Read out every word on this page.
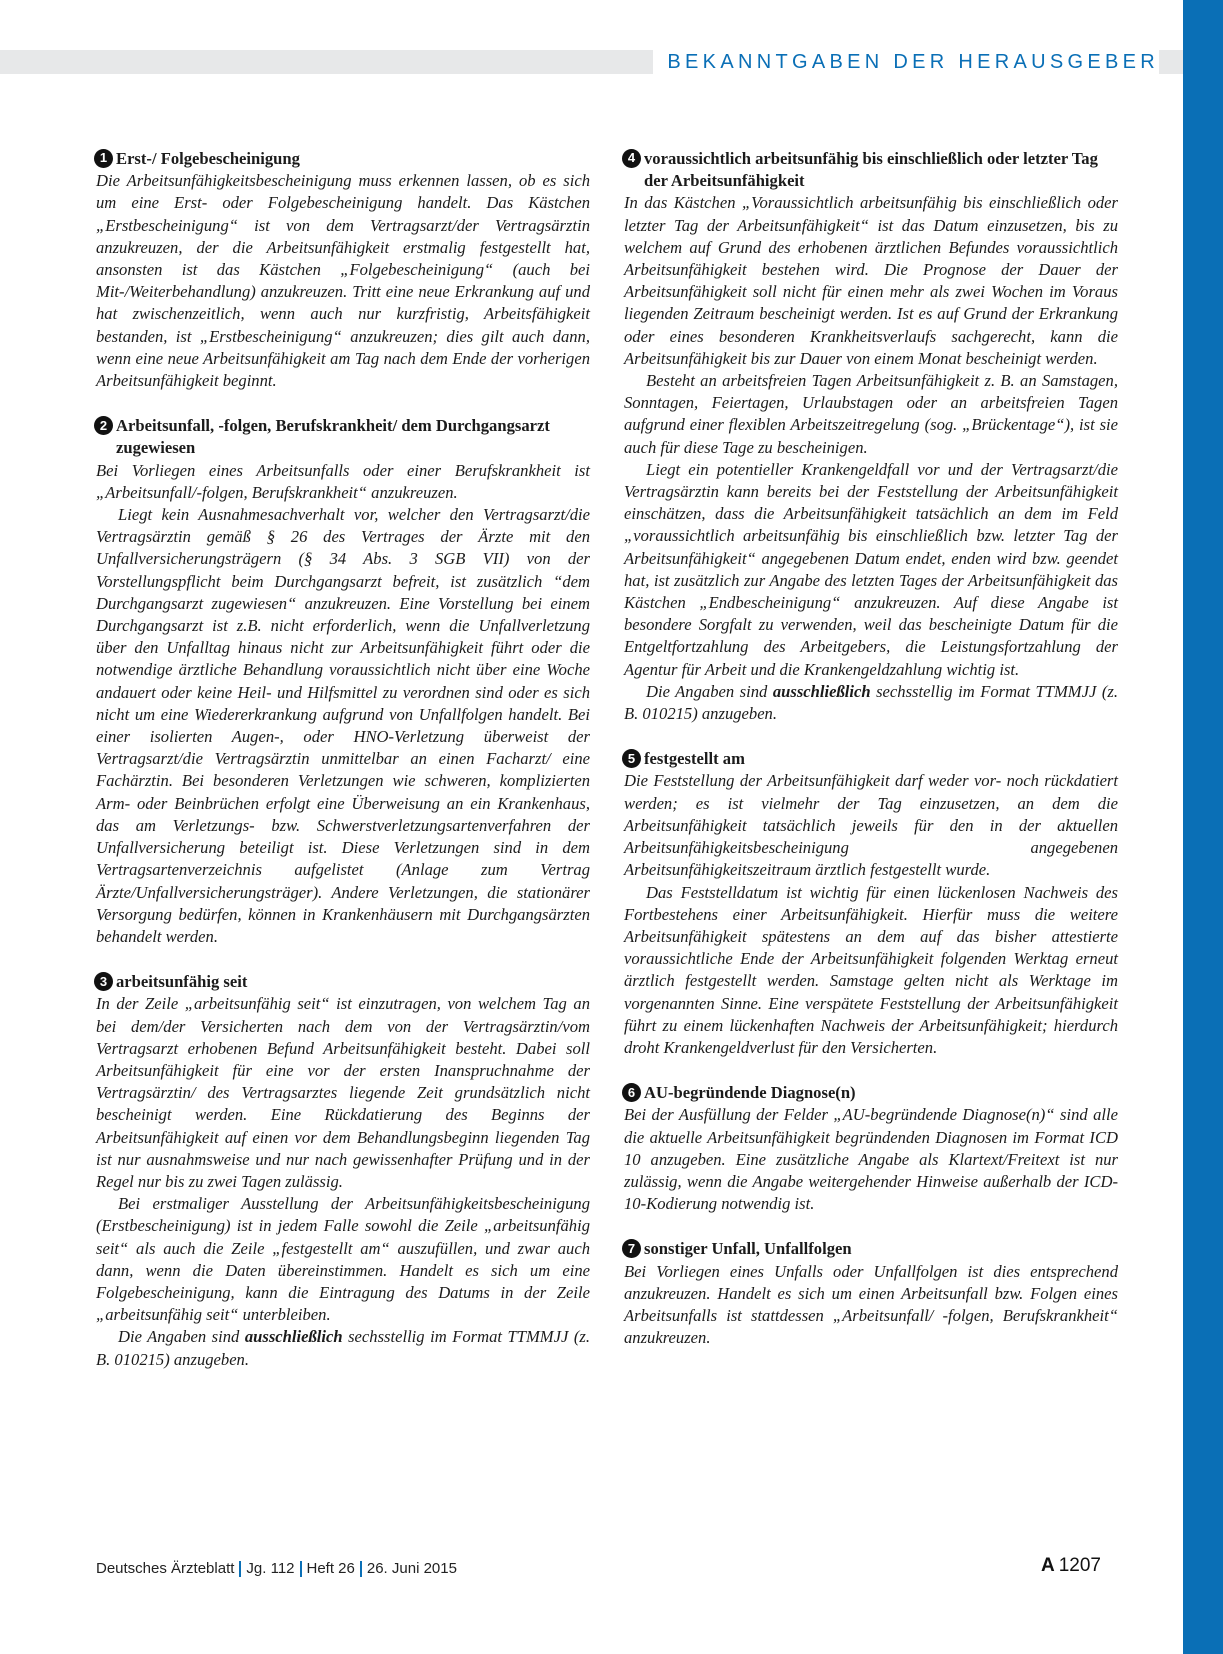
BEKANNTGABEN DER HERAUSGEBER
1 Erst-/ Folgebescheinigung

Die Arbeitsunfähigkeitsbescheinigung muss erkennen lassen, ob es sich um eine Erst- oder Folgebescheinigung handelt. Das Kästchen „Erstbescheinigung“ ist von dem Vertragsarzt/der Vertragsärztin anzukreuzen, der die Arbeitsunfähigkeit erstmalig festgestellt hat, ansonsten ist das Kästchen „Folgebescheinigung“ (auch bei Mit-/Weiterbehandlung) anzukreuzen. Tritt eine neue Erkrankung auf und hat zwischenzeitlich, wenn auch nur kurzfristig, Arbeitsfähigkeit bestanden, ist „Erstbescheinigung“ anzukreuzen; dies gilt auch dann, wenn eine neue Arbeitsunfähigkeit am Tag nach dem Ende der vorherigen Arbeitsunfähigkeit beginnt.

2 Arbeitsunfall, -folgen, Berufskrankheit/ dem Durchgangsarzt zugewiesen

Bei Vorliegen eines Arbeitsunfalls oder einer Berufskrankheit ist „Arbeitsunfall/-folgen, Berufskrankheit“ anzukreuzen.

Liegt kein Ausnahmesachverhalt vor, welcher den Vertragsarzt/die Vertragsärztin gemäß § 26 des Vertrages der Ärzte mit den Unfallversicherungsträgern (§ 34 Abs. 3 SGB VII) von der Vorstellungspflicht beim Durchgangsarzt befreit, ist zusätzlich “dem Durchgangsarzt zugewiesen“ anzukreuzen. Eine Vorstellung bei einem Durchgangsarzt ist z.B. nicht erforderlich, wenn die Unfallverletzung über den Unfalltag hinaus nicht zur Arbeitsunfähigkeit führt oder die notwendige ärztliche Behandlung voraussichtlich nicht über eine Woche andauert oder keine Heil- und Hilfsmittel zu verordnen sind oder es sich nicht um eine Wiedererkrankung aufgrund von Unfallfolgen handelt. Bei einer isolierten Augen-, oder HNO-Verletzung überweist der Vertragsarzt/die Vertragsärztin unmittelbar an einen Facharzt/ eine Fachärztin. Bei besonderen Verletzungen wie schweren, komplizierten Arm- oder Beinbrüchen erfolgt eine Überweisung an ein Krankenhaus, das am Verletzungs- bzw. Schwerstverletzungsartenverfahren der Unfallversicherung beteiligt ist. Diese Verletzungen sind in dem Vertragsartenverzeichnis aufgelistet (Anlage zum Vertrag Ärzte/Unfallversicherungsträger). Andere Verletzungen, die stationärer Versorgung bedürfen, können in Krankenhäusern mit Durchgangsärzten behandelt werden.

3 arbeitsunfähig seit

In der Zeile „arbeitsunfähig seit“ ist einzutragen, von welchem Tag an bei dem/der Versicherten nach dem von der Vertragsärztin/vom Vertragsarzt erhobenen Befund Arbeitsunfähigkeit besteht. Dabei soll Arbeitsunfähigkeit für eine vor der ersten Inanspruchnahme der Vertragsärztin/ des Vertragsarztes liegende Zeit grundsätzlich nicht bescheinigt werden. Eine Rückdatierung des Beginns der Arbeitsunfähigkeit auf einen vor dem Behandlungsbeginn liegenden Tag ist nur ausnahmsweise und nur nach gewissenhafter Prüfung und in der Regel nur bis zu zwei Tagen zulässig.

Bei erstmaliger Ausstellung der Arbeitsunfähigkeitsbescheinigung (Erstbescheinigung) ist in jedem Falle sowohl die Zeile „arbeitsunfähig seit“ als auch die Zeile „festgestellt am“ auszufüllen, und zwar auch dann, wenn die Daten übereinstimmen. Handelt es sich um eine Folgebescheinigung, kann die Eintragung des Datums in der Zeile „arbeitsunfähig seit“ unterbleiben.

Die Angaben sind ausschließlich sechsstellig im Format TTMMJJ (z. B. 010215) anzugeben.

4 voraussichtlich arbeitsunfähig bis einschließlich oder letzter Tag der Arbeitsunfähigkeit

In das Kästchen „Voraussichtlich arbeitsunfähig bis einschließlich oder letzter Tag der Arbeitsunfähigkeit“ ist das Datum einzusetzen, bis zu welchem auf Grund des erhobenen ärztlichen Befundes voraussichtlich Arbeitsunfähigkeit bestehen wird. Die Prognose der Dauer der Arbeitsunfähigkeit soll nicht für einen mehr als zwei Wochen im Voraus liegenden Zeitraum bescheinigt werden. Ist es auf Grund der Erkrankung oder eines besonderen Krankheitsverlaufs sachgerecht, kann die Arbeitsunfähigkeit bis zur Dauer von einem Monat bescheinigt werden.

Besteht an arbeitsfreien Tagen Arbeitsunfähigkeit z. B. an Samstagen, Sonntagen, Feiertagen, Urlaubstagen oder an arbeitsfreien Tagen aufgrund einer flexiblen Arbeitszeitregelung (sog. „Brückentage“), ist sie auch für diese Tage zu bescheinigen.

Liegt ein potentieller Krankengeldfall vor und der Vertragsarzt/die Vertragsärztin kann bereits bei der Feststellung der Arbeitsunfähigkeit einschätzen, dass die Arbeitsunfähigkeit tatsächlich an dem im Feld „voraussichtlich arbeitsunfähig bis einschließlich bzw. letzter Tag der Arbeitsunfähigkeit“ angegebenen Datum endet, enden wird bzw. geendet hat, ist zusätzlich zur Angabe des letzten Tages der Arbeitsunfähigkeit das Kästchen „Endbescheinigung“ anzukreuzen. Auf diese Angabe ist besondere Sorgfalt zu verwenden, weil das bescheinigte Datum für die Entgeltfortzahlung des Arbeitgebers, die Leistungsfortzahlung der Agentur für Arbeit und die Krankengeldzahlung wichtig ist.

Die Angaben sind ausschließlich sechsstellig im Format TTMMJJ (z. B. 010215) anzugeben.

5 festgestellt am

Die Feststellung der Arbeitsunfähigkeit darf weder vor- noch rückdatiert werden; es ist vielmehr der Tag einzusetzen, an dem die Arbeitsunfähigkeit tatsächlich jeweils für den in der aktuellen Arbeitsunfähigkeitsbescheinigung angegebenen Arbeitsunfähigkeitszeitraum ärztlich festgestellt wurde.

Das Feststelldatum ist wichtig für einen lückenlosen Nachweis des Fortbestehens einer Arbeitsunfähigkeit. Hierfür muss die weitere Arbeitsunfähigkeit spätestens an dem auf das bisher attestierte voraussichtliche Ende der Arbeitsunfähigkeit folgenden Werktag erneut ärztlich festgestellt werden. Samstage gelten nicht als Werktage im vorgenannten Sinne. Eine verspätete Feststellung der Arbeitsunfähigkeit führt zu einem lückenhaften Nachweis der Arbeitsunfähigkeit; hierdurch droht Krankengeldverlust für den Versicherten.

6 AU-begründende Diagnose(n)

Bei der Ausfüllung der Felder „AU-begründende Diagnose(n)“ sind alle die aktuelle Arbeitsunfähigkeit begründenden Diagnosen im Format ICD 10 anzugeben. Eine zusätzliche Angabe als Klartext/Freitext ist nur zulässig, wenn die Angabe weitergehender Hinweise außerhalb der ICD-10-Kodierung notwendig ist.

7 sonstiger Unfall, Unfallfolgen

Bei Vorliegen eines Unfalls oder Unfallfolgen ist dies entsprechend anzukreuzen. Handelt es sich um einen Arbeitsunfall bzw. Folgen eines Arbeitsunfalls ist stattdessen „Arbeitsunfall/ -folgen, Berufskrankheit“ anzukreuzen.

Deutsches Ärzteblatt Jg. 112 Heft 26 26. Juni 2015	A 1207
